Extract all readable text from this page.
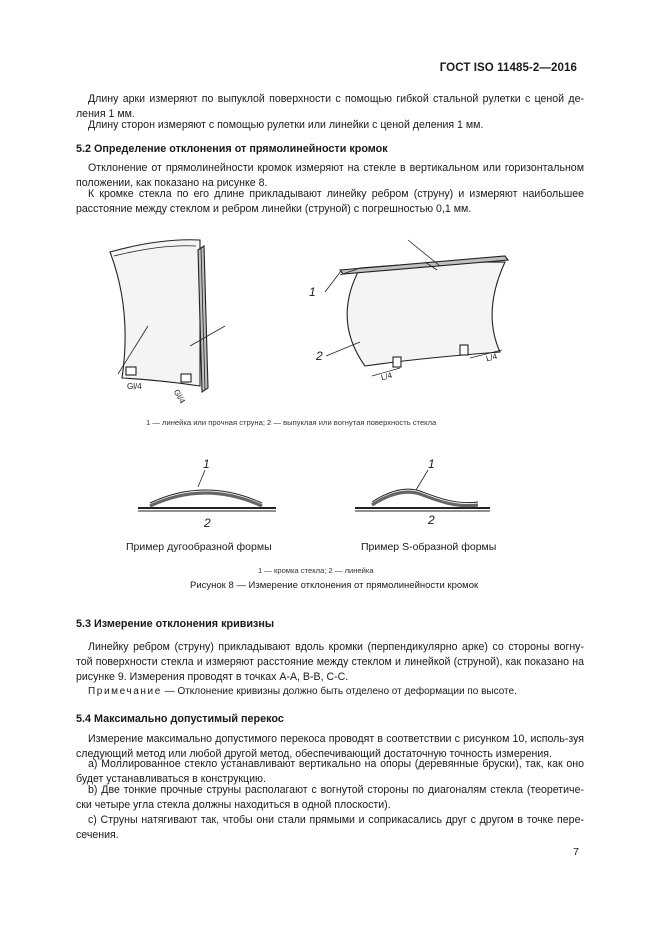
ГОСТ ISO 11485-2—2016
Длину арки измеряют по выпуклой поверхности с помощью гибкой стальной рулетки с ценой де-ления 1 мм.
Длину сторон измеряют с помощью рулетки или линейки с ценой деления 1 мм.
5.2 Определение отклонения от прямолинейности кромок
Отклонение от прямолинейности кромок измеряют на стекле в вертикальном или горизонтальном положении, как показано на рисунке 8.
К кромке стекла по его длине прикладывают линейку ребром (струну) и измеряют наибольшее расстояние между стеклом и ребром линейки (струной) с погрешностью 0,1 мм.
1
2
Gl/4
Gl/4
L/4
L/4
1 — линейка или прочная струна; 2 — выпуклая или вогнутая поверхность стекла
1
2
1
2
Пример дугообразной формы	Пример S-образной формы
1 — кромка стекла; 2 — линейка
Рисунок 8 — Измерение отклонения от прямолинейности кромок
5.3 Измерение отклонения кривизны
Линейку ребром (струну) прикладывают вдоль кромки (перпендикулярно арке) со стороны вогну-той поверхности стекла и измеряют расстояние между стеклом и линейкой (струной), как показано на рисунке 9. Измерения проводят в точках А-А, В-В, С-С.
Примечание — Отклонение кривизны должно быть отделено от деформации по высоте.
5.4 Максимально допустимый перекос
Измерение максимально допустимого перекоса проводят в соответствии с рисунком 10, исполь-зуя следующий метод или любой другой метод, обеспечивающий достаточную точность измерения.
а) Моллированное стекло устанавливают вертикально на опоры (деревянные бруски), так, как оно будет устанавливаться в конструкцию.
b) Две тонкие прочные струны располагают с вогнутой стороны по диагоналям стекла (теоретиче-ски четыре угла стекла должны находиться в одной плоскости).
c) Струны натягивают так, чтобы они стали прямыми и соприкасались друг с другом в точке пере-сечения.
7
